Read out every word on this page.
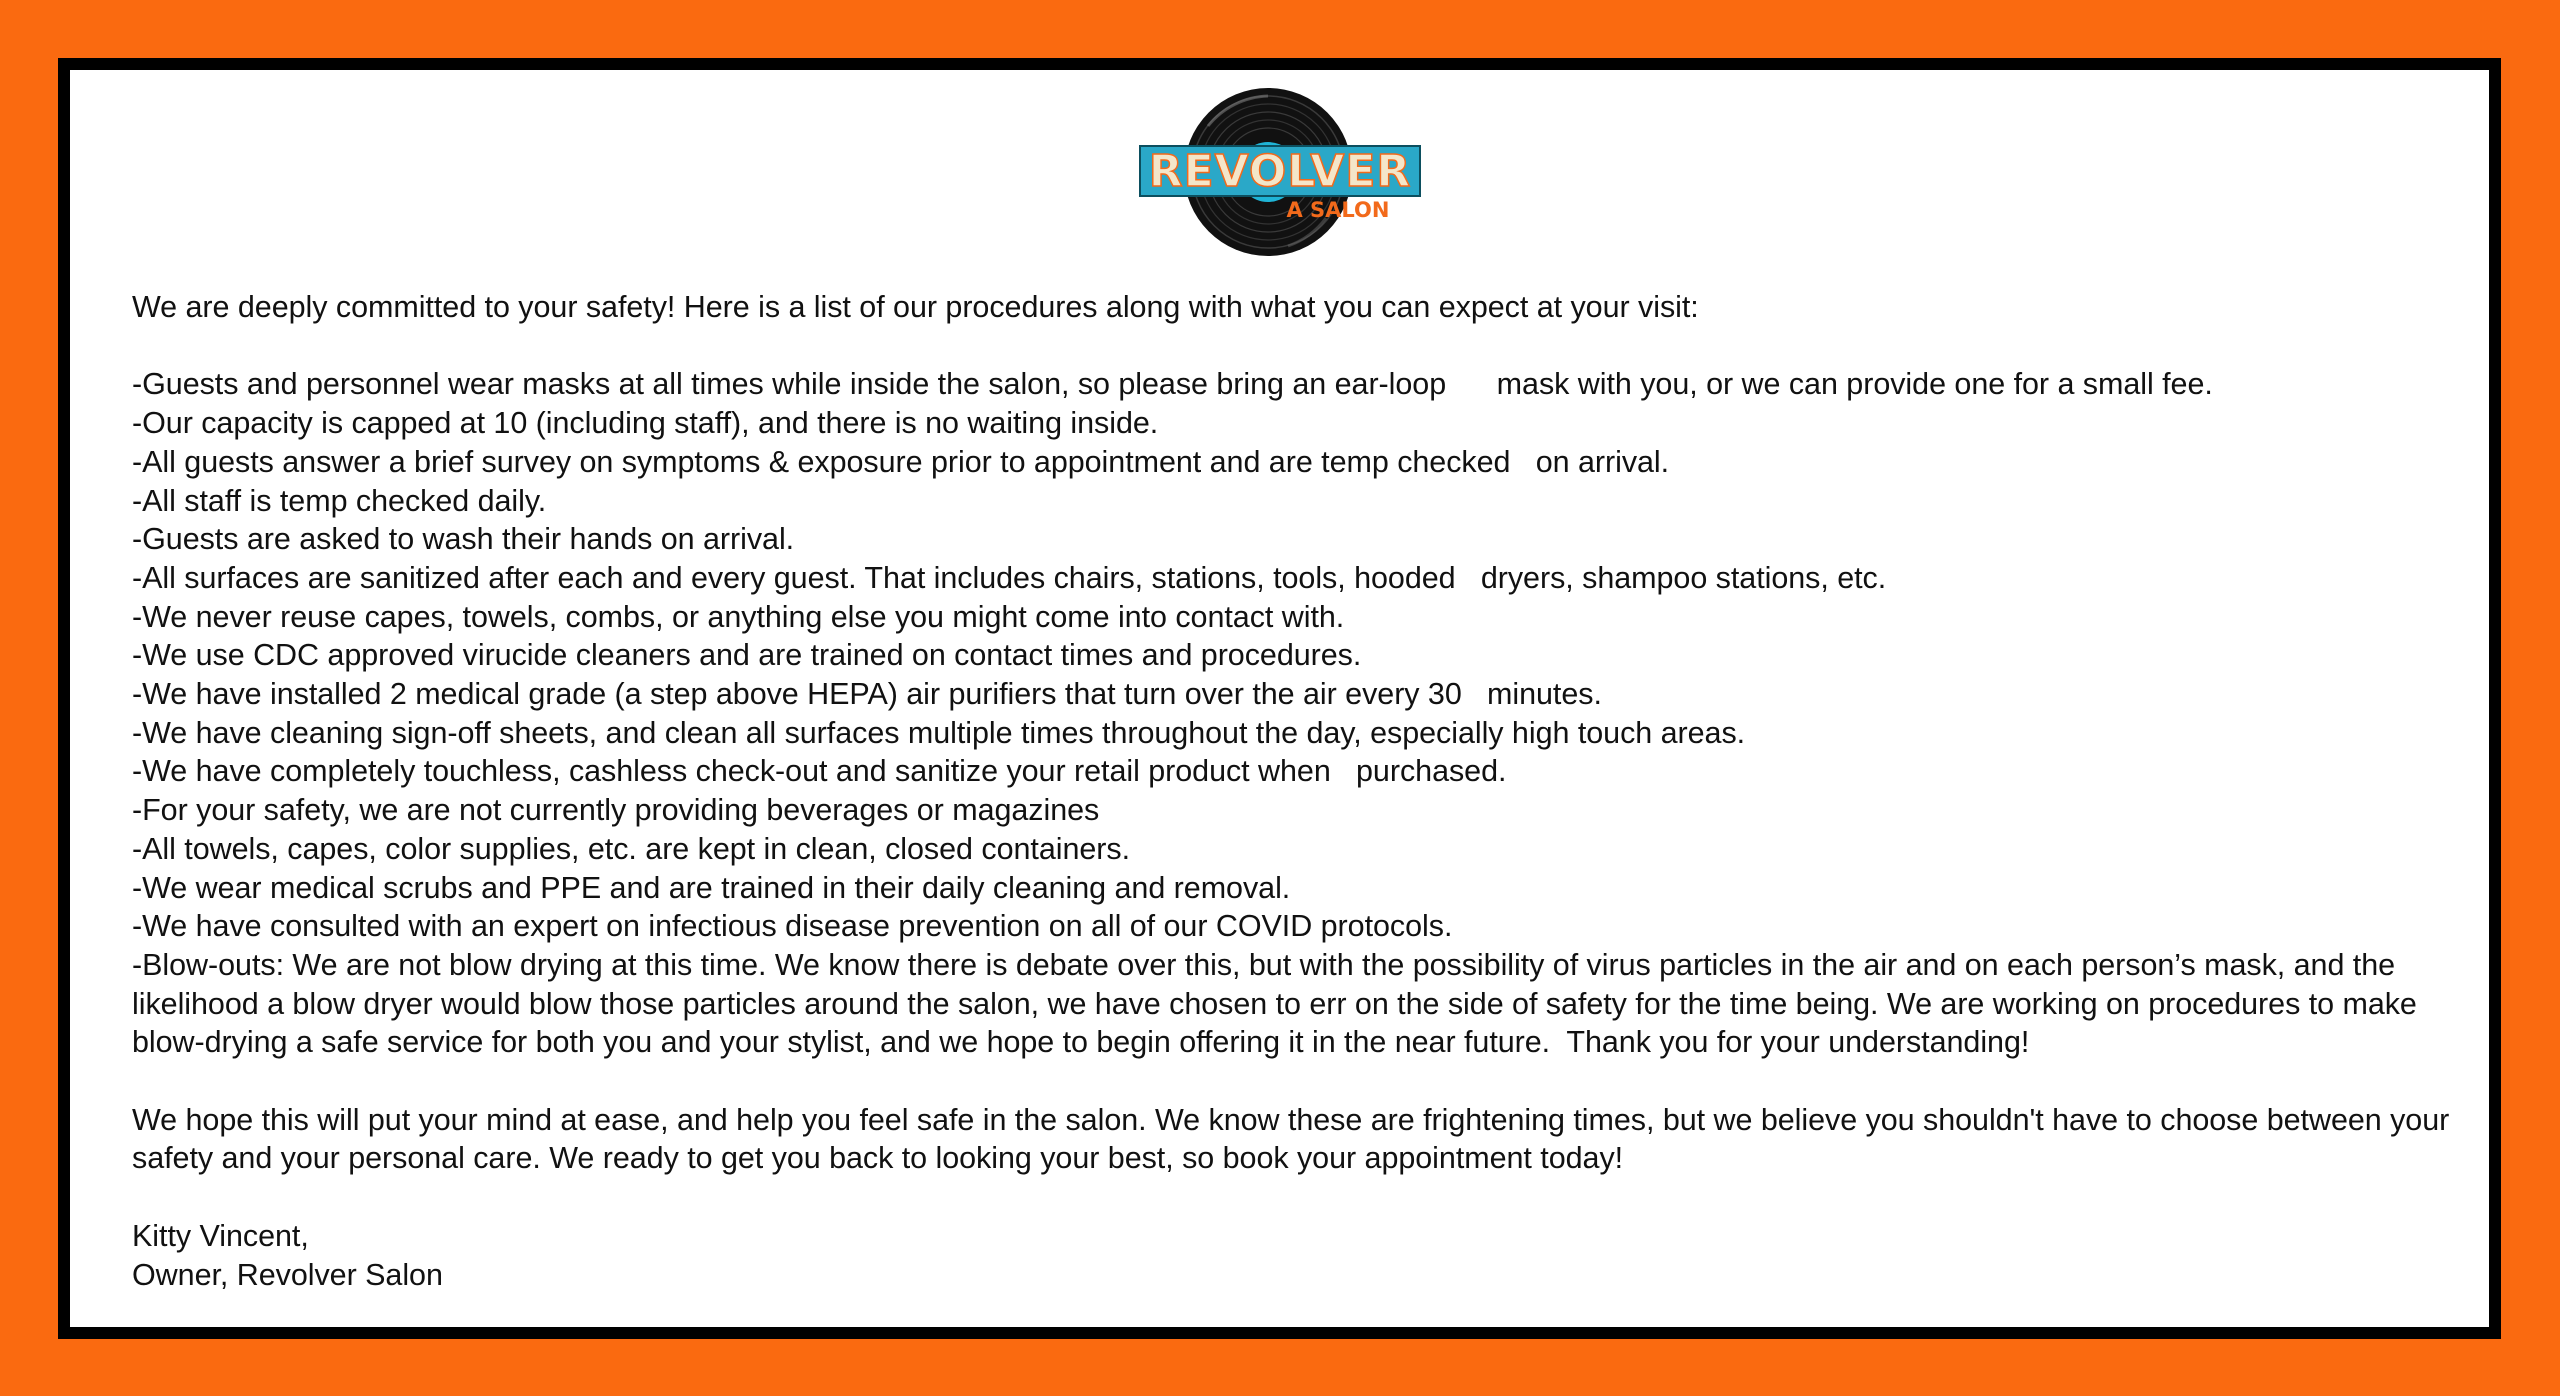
REVOLVER
A SALON

We are deeply committed to your safety! Here is a list of our procedures along with what you can expect at your visit:

-Guests and personnel wear masks at all times while inside the salon, so please bring an ear-loop      mask with you, or we can provide one for a small fee.

-Our capacity is capped at 10 (including staff), and there is no waiting inside.

-All guests answer a brief survey on symptoms & exposure prior to appointment and are temp checked   on arrival.

-All staff is temp checked daily.

-Guests are asked to wash their hands on arrival.

-All surfaces are sanitized after each and every guest. That includes chairs, stations, tools, hooded   dryers, shampoo stations, etc.

-We never reuse capes, towels, combs, or anything else you might come into contact with.

-We use CDC approved virucide cleaners and are trained on contact times and procedures.

-We have installed 2 medical grade (a step above HEPA) air purifiers that turn over the air every 30   minutes.

-We have cleaning sign-off sheets, and clean all surfaces multiple times throughout the day, especially high touch areas.

-We have completely touchless, cashless check-out and sanitize your retail product when   purchased.

-For your safety, we are not currently providing beverages or magazines

-All towels, capes, color supplies, etc. are kept in clean, closed containers.

-We wear medical scrubs and PPE and are trained in their daily cleaning and removal.

-We have consulted with an expert on infectious disease prevention on all of our COVID protocols.

-Blow-outs: We are not blow drying at this time. We know there is debate over this, but with the possibility of virus particles in the air and on each person’s mask, and the likelihood a blow dryer would blow those particles around the salon, we have chosen to err on the side of safety for the time being. We are working on procedures to make blow-drying a safe service for both you and your stylist, and we hope to begin offering it in the near future.  Thank you for your understanding!

We hope this will put your mind at ease, and help you feel safe in the salon. We know these are frightening times, but we believe you shouldn't have to choose between your safety and your personal care. We ready to get you back to looking your best, so book your appointment today!

Kitty Vincent,

Owner, Revolver Salon
